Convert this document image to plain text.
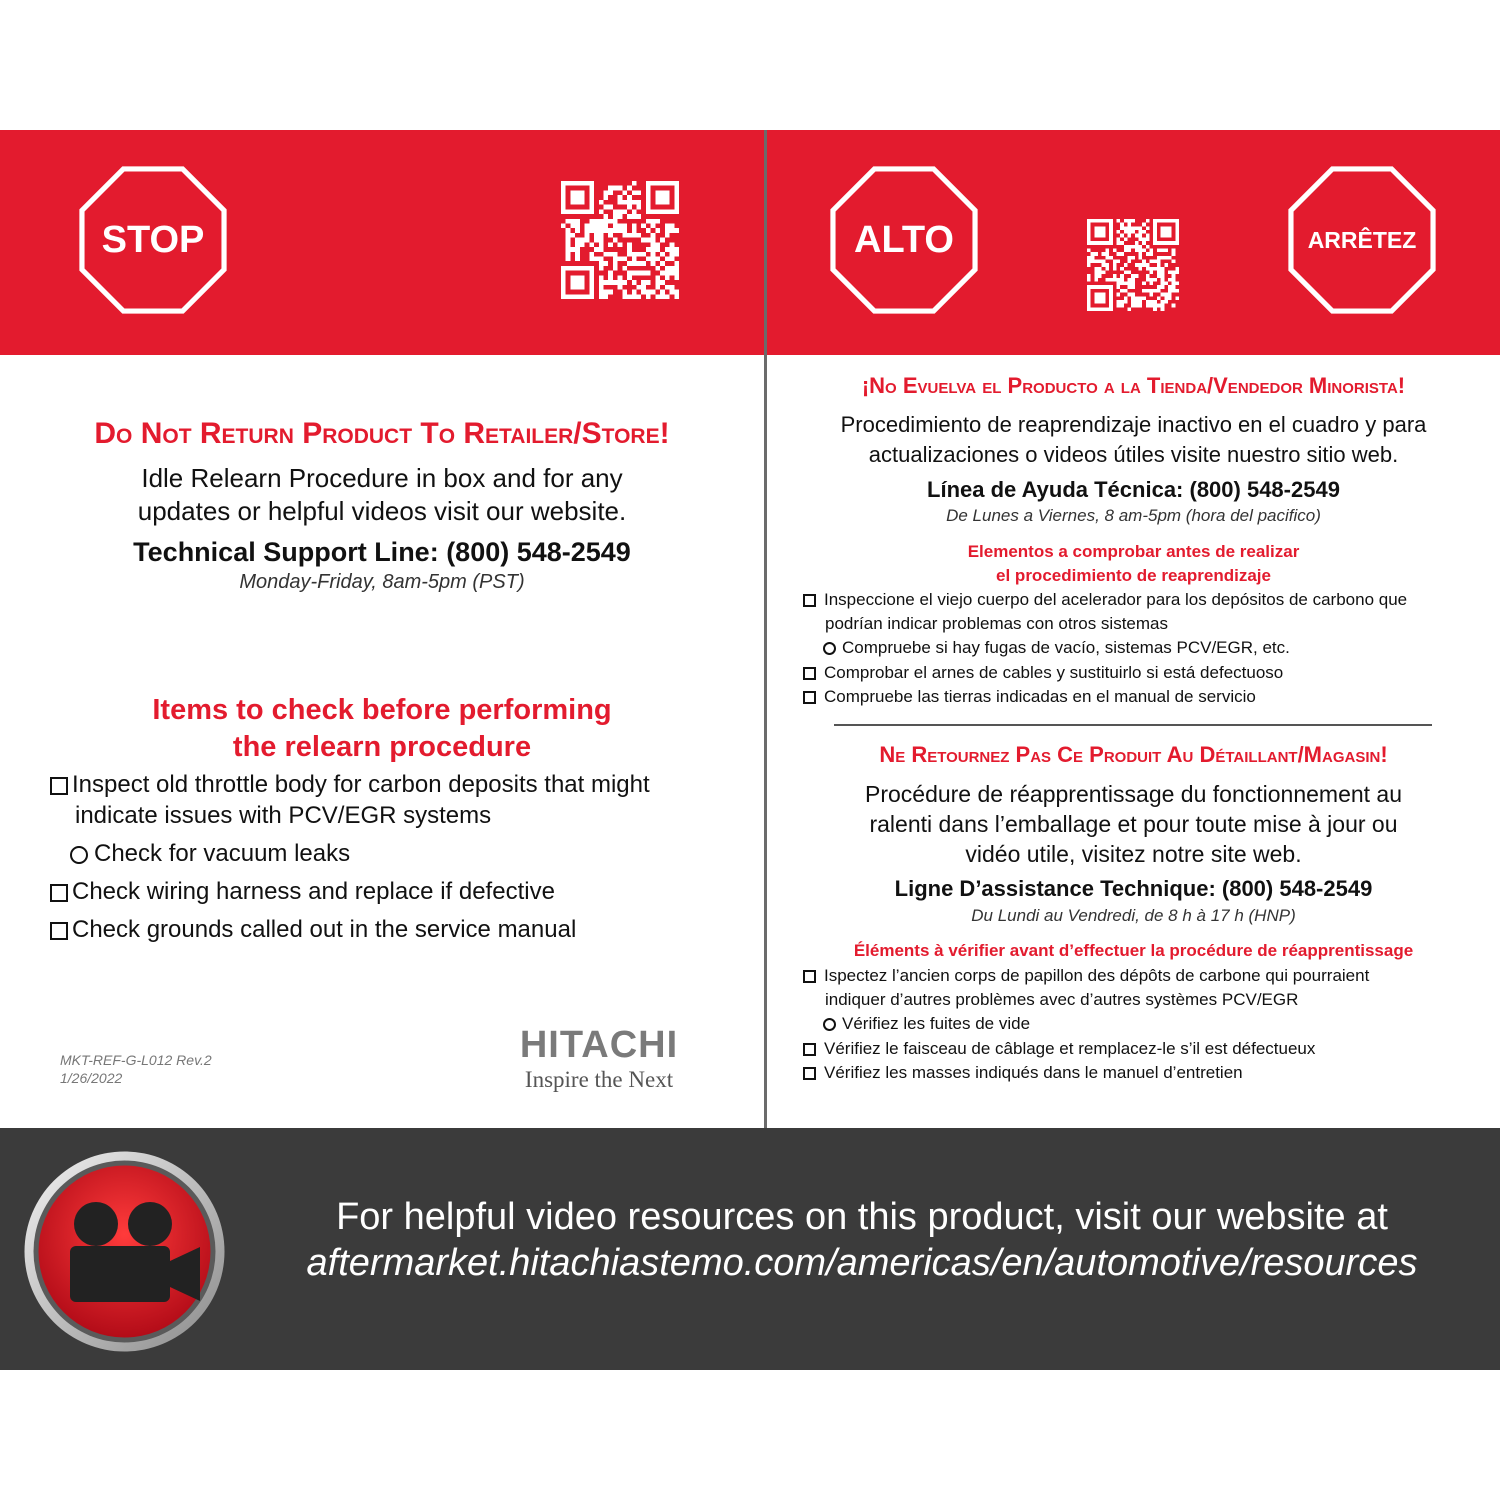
STOP	ALTO	ARRÊTEZ
Do Not Return Product To Retailer/Store!
Idle Relearn Procedure in box and for any
updates or helpful videos visit our website.
Technical Support Line: (800) 548-2549
Monday-Friday, 8am-5pm (PST)
Items to check before performing
the relearn procedure
Inspect old throttle body for carbon deposits that might
indicate issues with PCV/EGR systems
Check for vacuum leaks
Check wiring harness and replace if defective
Check grounds called out in the service manual
MKT-REF-G-L012 Rev.2
1/26/2022
HITACHI
Inspire the Next
¡No Evuelva el Producto a la Tienda/Vendedor Minorista!
Procedimiento de reaprendizaje inactivo en el cuadro y para
actualizaciones o videos útiles visite nuestro sitio web.
Línea de Ayuda Técnica: (800) 548-2549
De Lunes a Viernes, 8 am-5pm (hora del pacifico)
Elementos a comprobar antes de realizar
el procedimiento de reaprendizaje
Inspeccione el viejo cuerpo del acelerador para los depósitos de carbono que
podrían indicar problemas con otros sistemas
Compruebe si hay fugas de vacío, sistemas PCV/EGR, etc.
Comprobar el arnes de cables y sustituirlo si está defectuoso
Compruebe las tierras indicadas en el manual de servicio
Ne Retournez Pas Ce Produit Au Détaillant/Magasin!
Procédure de réapprentissage du fonctionnement au
ralenti dans l’emballage et pour toute mise à jour ou
vidéo utile, visitez notre site web.
Ligne D’assistance Technique: (800) 548-2549
Du Lundi au Vendredi, de 8 h à 17 h (HNP)
Éléments à vérifier avant d’effectuer la procédure de réapprentissage
Ispectez l’ancien corps de papillon des dépôts de carbone qui pourraient
indiquer d’autres problèmes avec d’autres systèmes PCV/EGR
Vérifiez les fuites de vide
Vérifiez le faisceau de câblage et remplacez-le s’il est défectueux
Vérifiez les masses indiqués dans le manuel d’entretien
For helpful video resources on this product, visit our website at
aftermarket.hitachiastemo.com/americas/en/automotive/resources
